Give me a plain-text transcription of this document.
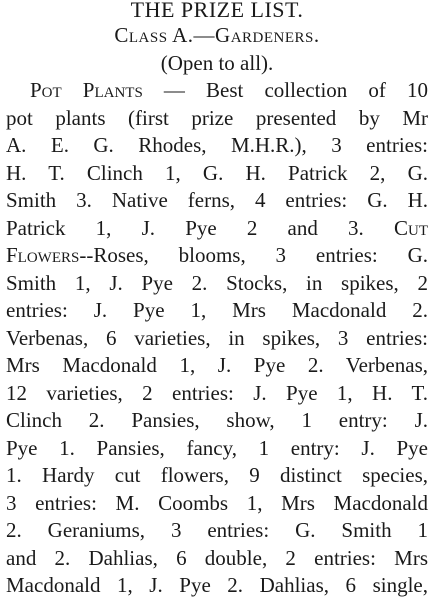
THE PRIZE LIST.
Class A.—Gardeners.
(Open to all).
Pot Plants — Best collection of 10
pot plants (first prize presented by Mr
A. E. G. Rhodes, M.H.R.), 3 entries:
H. T. Clinch 1, G. H. Patrick 2, G.
Smith 3. Native ferns, 4 entries: G. H.
Patrick 1, J. Pye 2 and 3. Cut
Flowers--Roses, blooms, 3 entries: G.
Smith 1, J. Pye 2. Stocks, in spikes, 2
entries: J. Pye 1, Mrs Macdonald 2.
Verbenas, 6 varieties, in spikes, 3 entries:
Mrs Macdonald 1, J. Pye 2. Verbenas,
12 varieties, 2 entries: J. Pye 1, H. T.
Clinch 2. Pansies, show, 1 entry: J.
Pye 1. Pansies, fancy, 1 entry: J. Pye
1. Hardy cut flowers, 9 distinct species,
3 entries: M. Coombs 1, Mrs Macdonald
2. Geraniums, 3 entries: G. Smith 1
and 2. Dahlias, 6 double, 2 entries: Mrs
Macdonald 1, J. Pye 2. Dahlias, 6 single,
